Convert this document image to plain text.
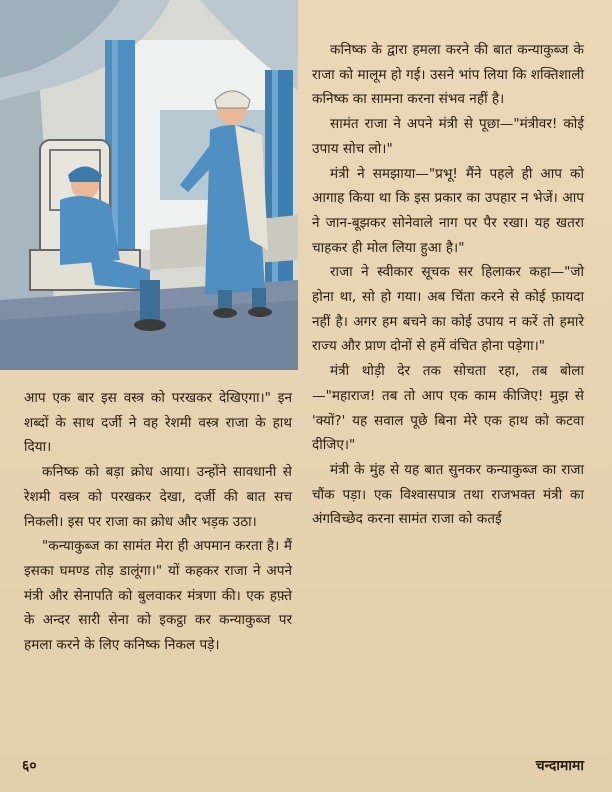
कनिष्क के द्वारा हमला करने की बात कन्याकुब्ज के राजा को मालूम हो गई। उसने भांप लिया कि शक्तिशाली कनिष्क का सामना करना संभव नहीं है।

सामंत राजा ने अपने मंत्री से पूछा—"मंत्रीवर! कोई उपाय सोच लो।"

मंत्री ने समझाया—"प्रभू! मैंने पहले ही आप को आगाह किया था कि इस प्रकार का उपहार न भेजें। आप ने जान-बूझकर सोनेवाले नाग पर पैर रखा। यह खतरा चाहकर ही मोल लिया हुआ है।"

राजा ने स्वीकार सूचक सर हिलाकर कहा—"जो होना था, सो हो गया। अब चिंता करने से कोई फ़ायदा नहीं है। अगर हम बचने का कोई उपाय न करें तो हमारे राज्य और प्राण दोनों से हमें वंचित होना पड़ेगा।"

मंत्री थोड़ी देर तक सोचता रहा, तब बोला—"महाराज! तब तो आप एक काम कीजिए! मुझ से 'क्यों?' यह सवाल पूछे बिना मेरे एक हाथ को कटवा दीजिए।"

मंत्री के मुंह से यह बात सुनकर कन्याकुब्ज का राजा चौंक पड़ा। एक विश्वासपात्र तथा राजभक्त मंत्री का अंगविच्छेद करना सामंत राजा को कतई

आप एक बार इस वस्त्र को परखकर देखिएगा।" इन शब्दों के साथ दर्जी ने वह रेशमी वस्त्र राजा के हाथ दिया।

कनिष्क को बड़ा क्रोध आया। उन्होंने सावधानी से रेशमी वस्त्र को परखकर देखा, दर्जी की बात सच निकली। इस पर राजा का क्रोध और भड़क उठा।

"कन्याकुब्ज का सामंत मेरा ही अपमान करता है। मैं इसका घमण्ड तोड़ डालूंगा।" यों कहकर राजा ने अपने मंत्री और सेनापति को बुलवाकर मंत्रणा की। एक हफ़्ते के अन्दर सारी सेना को इकट्ठा कर कन्याकुब्ज पर हमला करने के लिए कनिष्क निकल पड़े।

६०	चन्दामामा
